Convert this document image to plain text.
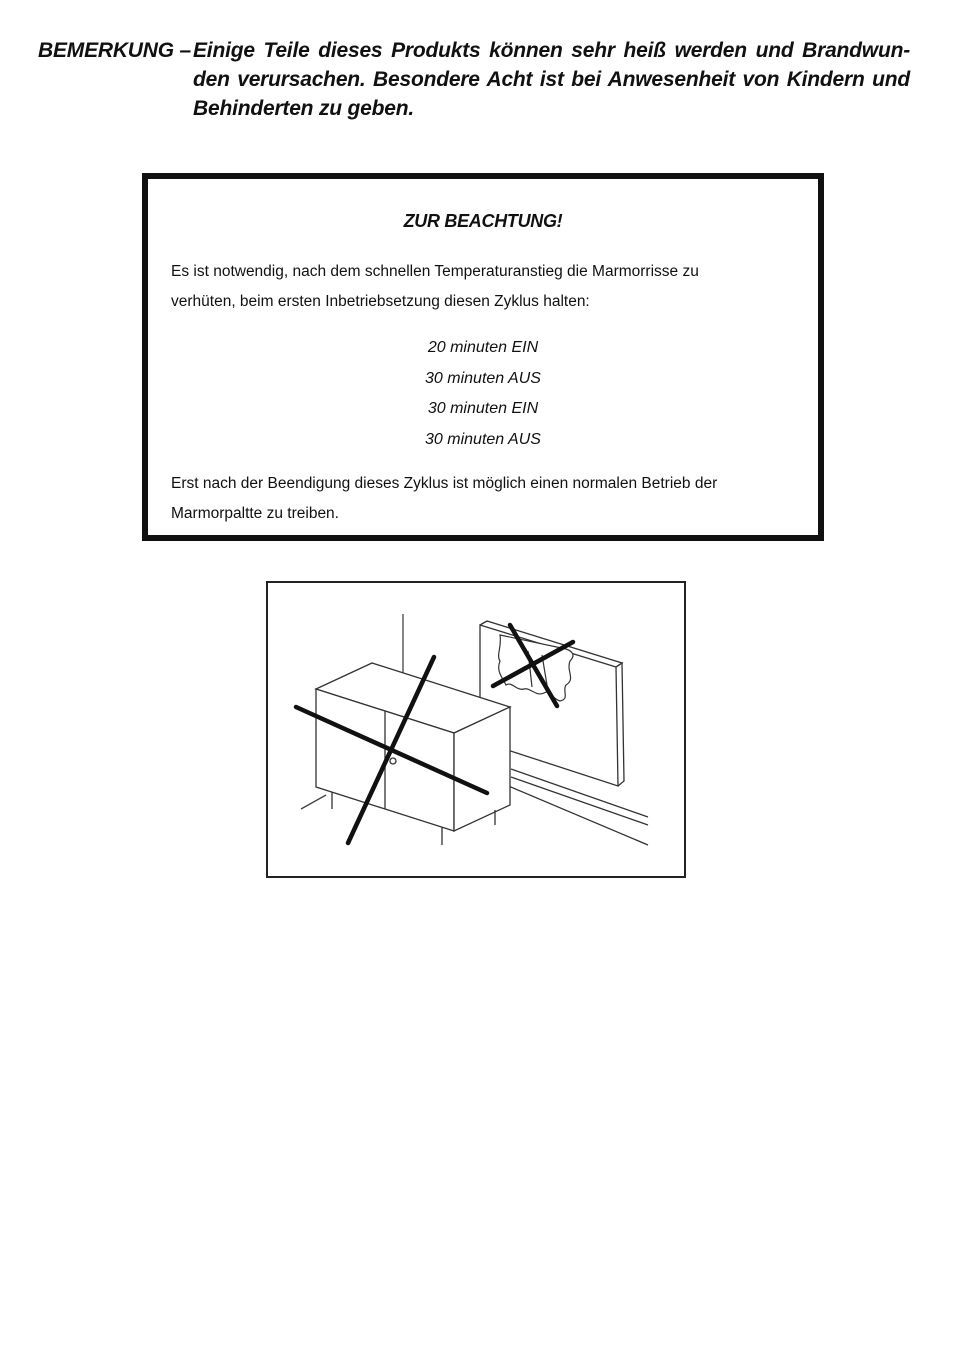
BEMERKUNG – Einige Teile dieses Produkts können sehr heiß werden und Brandwun-
den verursachen. Besondere Acht ist bei Anwesenheit von Kindern und
Behinderten zu geben.
ZUR BEACHTUNG!
Es ist notwendig, nach dem schnellen Temperaturanstieg die Marmorrisse zu
verhüten, beim ersten Inbetriebsetzung diesen Zyklus halten:
20 minuten EIN
30 minuten AUS
30 minuten EIN
30 minuten AUS
Erst nach der Beendigung dieses Zyklus ist möglich einen normalen Betrieb der
Marmorpaltte zu treiben.
